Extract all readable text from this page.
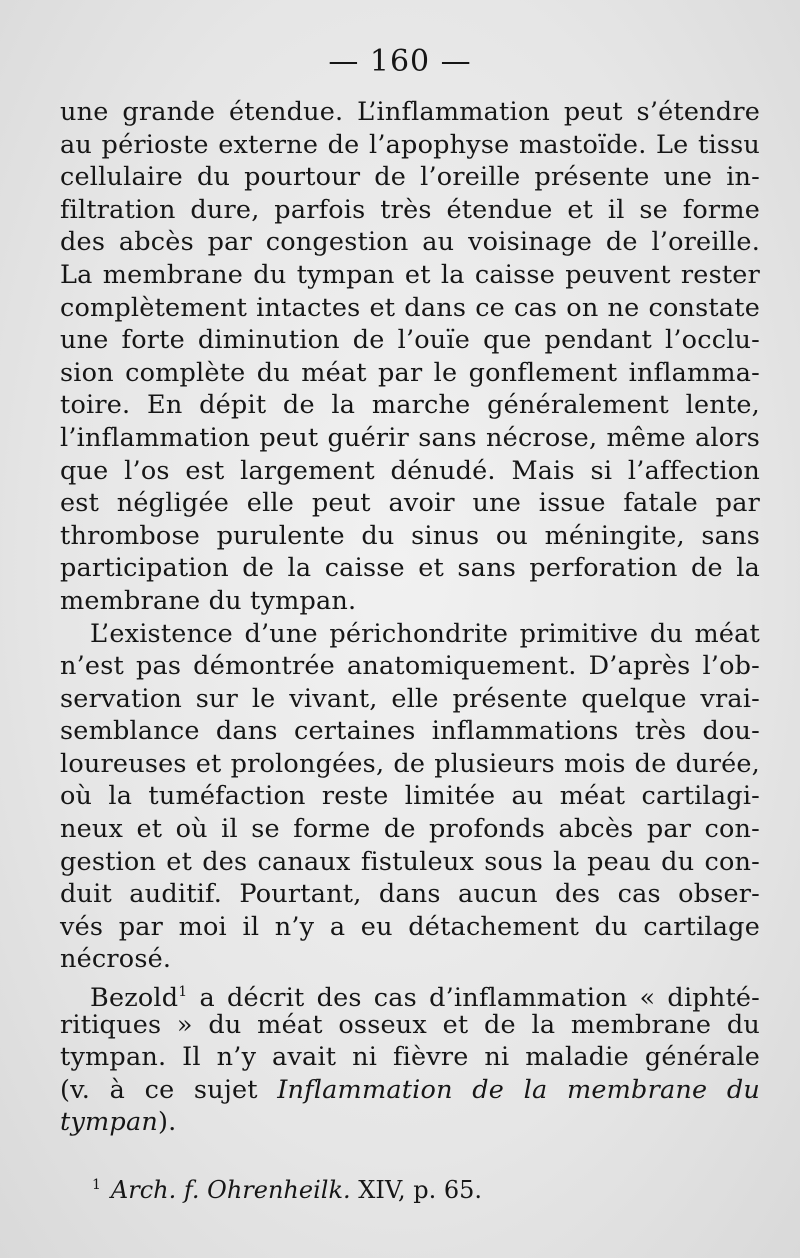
— 160 —
une grande étendue. L’inflammation peut s’étendre
au périoste externe de l’apophyse mastoïde. Le tissu
cellulaire du pourtour de l’oreille présente une in-
filtration dure, parfois très étendue et il se forme
des abcès par congestion au voisinage de l’oreille.
La membrane du tympan et la caisse peuvent rester
complètement intactes et dans ce cas on ne constate
une forte diminution de l’ouïe que pendant l’occlu-
sion complète du méat par le gonflement inflamma-
toire. En dépit de la marche généralement lente,
l’inflammation peut guérir sans nécrose, même alors
que l’os est largement dénudé. Mais si l’affection
est négligée elle peut avoir une issue fatale par
thrombose purulente du sinus ou méningite, sans
participation de la caisse et sans perforation de la
membrane du tympan.
L’existence d’une périchondrite primitive du méat
n’est pas démontrée anatomiquement. D’après l’ob-
servation sur le vivant, elle présente quelque vrai-
semblance dans certaines inflammations très dou-
loureuses et prolongées, de plusieurs mois de durée,
où la tuméfaction reste limitée au méat cartilagi-
neux et où il se forme de profonds abcès par con-
gestion et des canaux fistuleux sous la peau du con-
duit auditif. Pourtant, dans aucun des cas obser-
vés par moi il n’y a eu détachement du cartilage
nécrosé.
Bezold$^1$ a décrit des cas d’inflammation « diphté-
ritiques » du méat osseux et de la membrane du
tympan. Il n’y avait ni fièvre ni maladie générale
(v. à ce sujet Inflammation de la membrane du
tympan).
$^1$ Arch. f. Ohrenheilk. XIV, p. 65.
